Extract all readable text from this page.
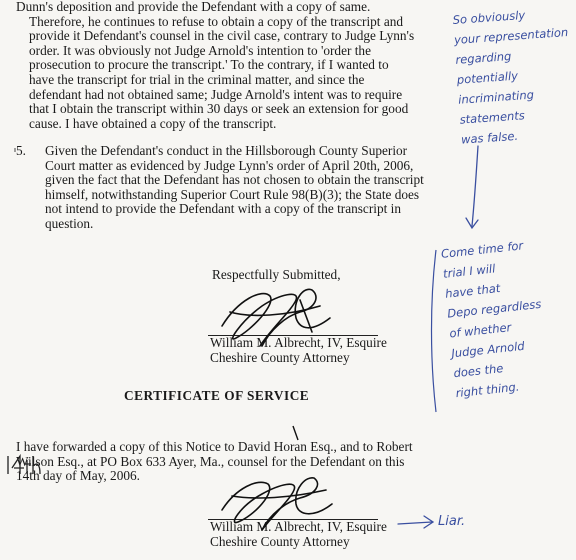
Dunn's deposition and provide the Defendant with a copy of same.
Therefore, he continues to refuse to obtain a copy of the transcript and
provide it Defendant's counsel in the civil case, contrary to Judge Lynn's
order. It was obviously not Judge Arnold's intention to 'order the
prosecution to procure the transcript.' To the contrary, if I wanted to
have the transcript for trial in the criminal matter, and since the
defendant had not obtained same; Judge Arnold's intent was to require
that I obtain the transcript within 30 days or seek an extension for good
cause. I have obtained a copy of the transcript.
5. Given the Defendant's conduct in the Hillsborough County Superior
Court matter as evidenced by Judge Lynn's order of April 20th, 2006,
given the fact that the Defendant has not chosen to obtain the transcript
himself, notwithstanding Superior Court Rule 98(B)(3); the State does
not intend to provide the Defendant with a copy of the transcript in
question.
Respectfully Submitted,
William M. Albrecht, IV, Esquire
Cheshire County Attorney
CERTIFICATE OF SERVICE
I have forwarded a copy of this Notice to David Horan Esq., and to Robert
Wilson Esq., at PO Box 633 Ayer, Ma., counsel for the Defendant on this
14th day of May, 2006.
William M. Albrecht, IV, Esquire
Cheshire County Attorney
So obviously
your representation
regarding
potentially
incriminating
statements
was false.
Come time for
trial I will
have that
Depo regardless
of whether
Judge Arnold
does the
right thing.
Liar.
